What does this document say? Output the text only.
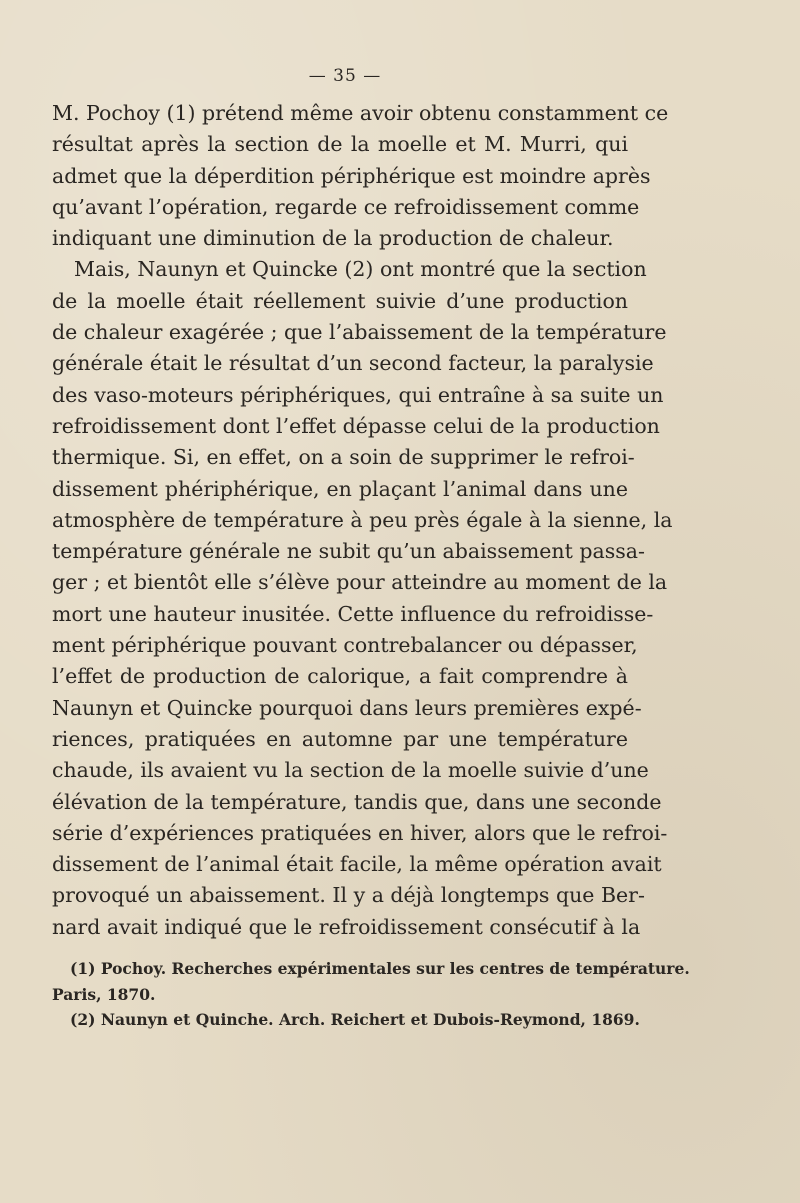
— 35 —
M. Pochoy (1) prétend même avoir obtenu constamment ce
résultat après la section de la moelle et M. Murri, qui
admet que la déperdition périphérique est moindre après
qu’avant l’opération, regarde ce refroidissement comme
indiquant une diminution de la production de chaleur.
Mais, Naunyn et Quincke (2) ont montré que la section
de la moelle était réellement suivie d’une production
de chaleur exagérée ; que l’abaissement de la température
générale était le résultat d’un second facteur, la paralysie
des vaso-moteurs périphériques, qui entraîne à sa suite un
refroidissement dont l’effet dépasse celui de la production
thermique. Si, en effet, on a soin de supprimer le refroi-
dissement phériphérique, en plaçant l’animal dans une
atmosphère de température à peu près égale à la sienne, la
température générale ne subit qu’un abaissement passa-
ger ; et bientôt elle s’élève pour atteindre au moment de la
mort une hauteur inusitée. Cette influence du refroidisse-
ment périphérique pouvant contrebalancer ou dépasser,
l’effet de production de calorique, a fait comprendre à
Naunyn et Quincke pourquoi dans leurs premières expé-
riences, pratiquées en automne par une température
chaude, ils avaient vu la section de la moelle suivie d’une
élévation de la température, tandis que, dans une seconde
série d’expériences pratiquées en hiver, alors que le refroi-
dissement de l’animal était facile, la même opération avait
provoqué un abaissement. Il y a déjà longtemps que Ber-
nard avait indiqué que le refroidissement consécutif à la
(1) Pochoy. Recherches expérimentales sur les centres de température.
Paris, 1870.
(2) Naunyn et Quinche. Arch. Reichert et Dubois-Reymond, 1869.
